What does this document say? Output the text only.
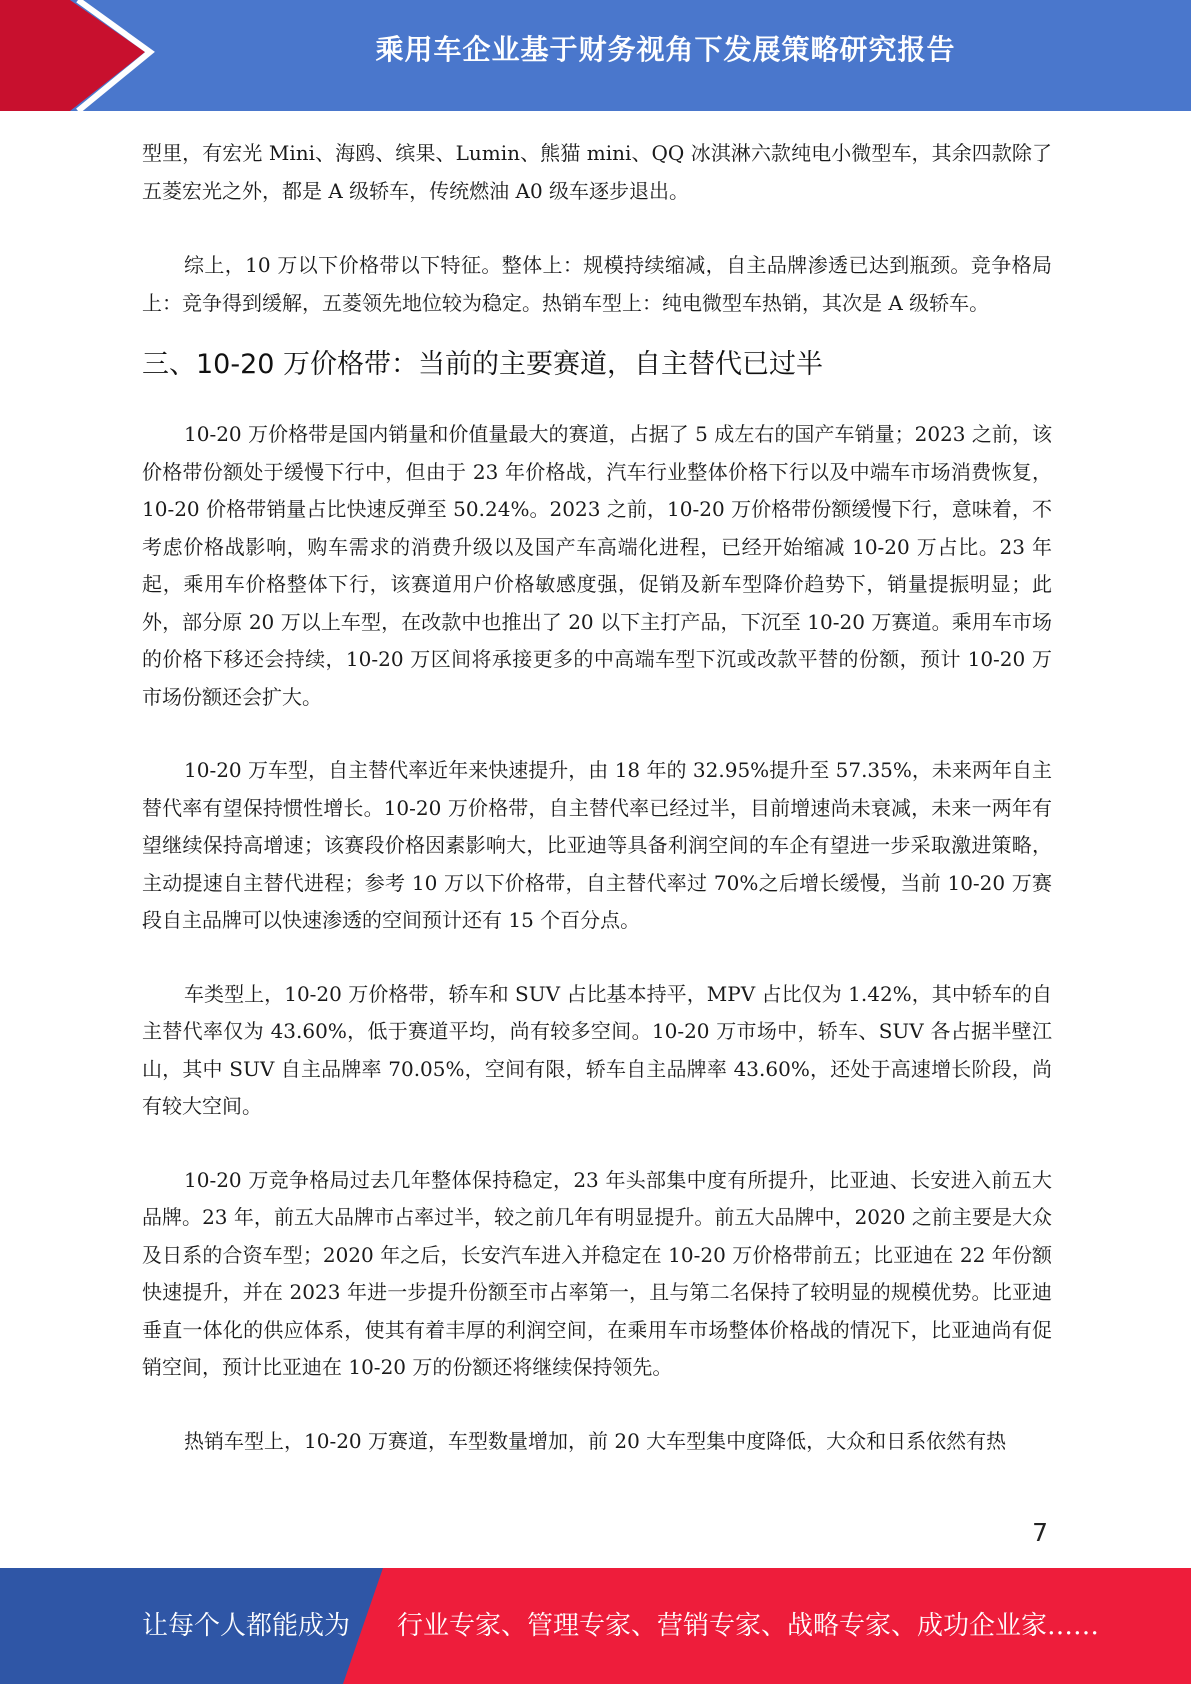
乘用车企业基于财务视角下发展策略研究报告

型里，有宏光 Mini、海鸥、缤果、Lumin、熊猫 mini、QQ 冰淇淋六款纯电小微型车，其余四款除了五菱宏光之外，都是 A 级轿车，传统燃油 A0 级车逐步退出。

综上，10 万以下价格带以下特征。整体上：规模持续缩减，自主品牌渗透已达到瓶颈。竞争格局上：竞争得到缓解，五菱领先地位较为稳定。热销车型上：纯电微型车热销，其次是 A 级轿车。

三、10-20 万价格带：当前的主要赛道，自主替代已过半

10-20 万价格带是国内销量和价值量最大的赛道，占据了 5 成左右的国产车销量；2023 之前，该价格带份额处于缓慢下行中，但由于 23 年价格战，汽车行业整体价格下行以及中端车市场消费恢复，10-20 价格带销量占比快速反弹至 50.24%。2023 之前，10-20 万价格带份额缓慢下行，意味着，不考虑价格战影响，购车需求的消费升级以及国产车高端化进程，已经开始缩减 10-20 万占比。23 年起，乘用车价格整体下行，该赛道用户价格敏感度强，促销及新车型降价趋势下，销量提振明显；此外，部分原 20 万以上车型，在改款中也推出了 20 以下主打产品，下沉至 10-20 万赛道。乘用车市场的价格下移还会持续，10-20 万区间将承接更多的中高端车型下沉或改款平替的份额，预计 10-20 万市场份额还会扩大。

10-20 万车型，自主替代率近年来快速提升，由 18 年的 32.95%提升至 57.35%，未来两年自主替代率有望保持惯性增长。10-20 万价格带，自主替代率已经过半，目前增速尚未衰减，未来一两年有望继续保持高增速；该赛段价格因素影响大，比亚迪等具备利润空间的车企有望进一步采取激进策略，主动提速自主替代进程；参考 10 万以下价格带，自主替代率过 70%之后增长缓慢，当前 10-20 万赛段自主品牌可以快速渗透的空间预计还有 15 个百分点。

车类型上，10-20 万价格带，轿车和 SUV 占比基本持平，MPV 占比仅为 1.42%，其中轿车的自主替代率仅为 43.60%，低于赛道平均，尚有较多空间。10-20 万市场中，轿车、SUV 各占据半壁江山，其中 SUV 自主品牌率 70.05%，空间有限，轿车自主品牌率 43.60%，还处于高速增长阶段，尚有较大空间。

10-20 万竞争格局过去几年整体保持稳定，23 年头部集中度有所提升，比亚迪、长安进入前五大品牌。23 年，前五大品牌市占率过半，较之前几年有明显提升。前五大品牌中，2020 之前主要是大众及日系的合资车型；2020 年之后，长安汽车进入并稳定在 10-20 万价格带前五；比亚迪在 22 年份额快速提升，并在 2023 年进一步提升份额至市占率第一，且与第二名保持了较明显的规模优势。比亚迪垂直一体化的供应体系，使其有着丰厚的利润空间，在乘用车市场整体价格战的情况下，比亚迪尚有促销空间，预计比亚迪在 10-20 万的份额还将继续保持领先。

热销车型上，10-20 万赛道，车型数量增加，前 20 大车型集中度降低，大众和日系依然有热

7
让每个人都能成为 行业专家、管理专家、营销专家、战略专家、成功企业家……
